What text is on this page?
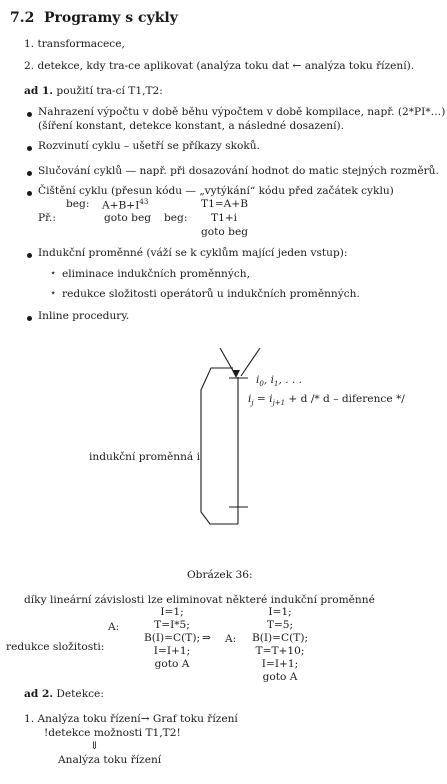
7.2 Programy s cykly
1. transformacece,
2. detekce, kdy tra-ce aplikovat (analýza toku dat ← analýza toku řízení).
ad 1. použití tra-cí T1,T2:
Nahrazení výpočtu v době běhu výpočtem v době kompilace, např. (2*PI*…)
(šíření konstant, detekce konstant, a následné dosazení).
Rozvinutí cyklu – ušetří se příkazy skoků.
Slučování cyklů — např. při dosazování hodnot do matic stejných rozměrů.
Čištění cyklu (přesun kódu — „vytýkání“ kódu před začátek cyklu)
beg: $A+B+I^{43}$	T1=A+B
Př.:	goto beg beg: T1+i
goto beg
Indukční proměnné (váží se k cyklům mající jeden vstup):
⋆ eliminace indukčních proměnných,
⋆ redukce složitosti operátorů u indukčních proměnných.
Inline procedury.
$i_0$, $i_1$, . . .
$i_j = i_{j+1} + d /* d$ – diference */
indukční proměnná i
Obrázek 36:
díky lineární závislosti lze eliminovat některé indukční proměnné
redukce složitosti:
A:
I=1;
T=I*5;
B(I)=C(T);
I=I+1;
goto A
⇒ A:
I=1;
T=5;
B(I)=C(T);
T=T+10;
I=I+1;
goto A
ad 2. Detekce:
1. Analýza toku řízení→ Graf toku řízení
!detekce možnosti T1,T2!
⇓
Analýza toku řízení
